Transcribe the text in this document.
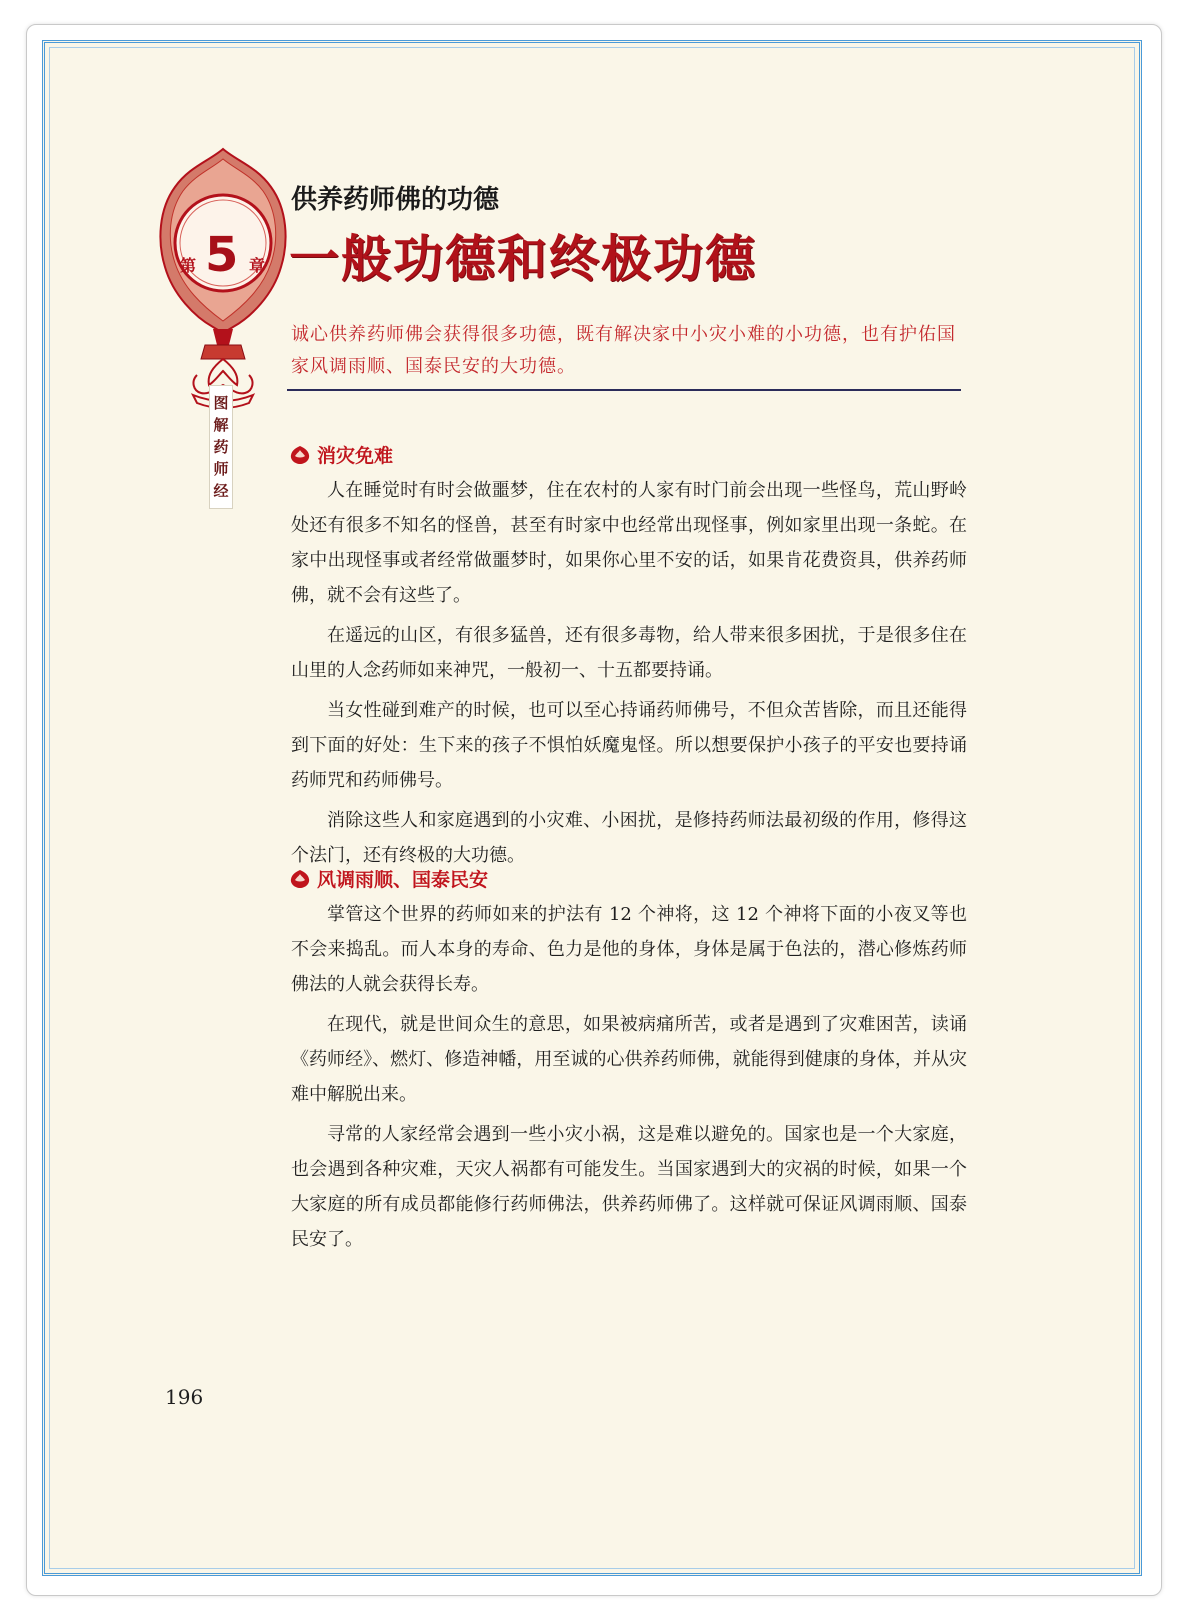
第 5 章
图解药师经
供养药师佛的功德
一般功德和终极功德

诚心供养药师佛会获得很多功德，既有解决家中小灾小难的小功德，也有护佑国家风调雨顺、国泰民安的大功德。

消灾免难

人在睡觉时有时会做噩梦，住在农村的人家有时门前会出现一些怪鸟，荒山野岭处还有很多不知名的怪兽，甚至有时家中也经常出现怪事，例如家里出现一条蛇。在家中出现怪事或者经常做噩梦时，如果你心里不安的话，如果肯花费资具，供养药师佛，就不会有这些了。

在遥远的山区，有很多猛兽，还有很多毒物，给人带来很多困扰，于是很多住在山里的人念药师如来神咒，一般初一、十五都要持诵。

当女性碰到难产的时候，也可以至心持诵药师佛号，不但众苦皆除，而且还能得到下面的好处：生下来的孩子不惧怕妖魔鬼怪。所以想要保护小孩子的平安也要持诵药师咒和药师佛号。

消除这些人和家庭遇到的小灾难、小困扰，是修持药师法最初级的作用，修得这个法门，还有终极的大功德。

风调雨顺、国泰民安

掌管这个世界的药师如来的护法有 12 个神将，这 12 个神将下面的小夜叉等也不会来捣乱。而人本身的寿命、色力是他的身体，身体是属于色法的，潜心修炼药师佛法的人就会获得长寿。

在现代，就是世间众生的意思，如果被病痛所苦，或者是遇到了灾难困苦，读诵《药师经》、燃灯、修造神幡，用至诚的心供养药师佛，就能得到健康的身体，并从灾难中解脱出来。

寻常的人家经常会遇到一些小灾小祸，这是难以避免的。国家也是一个大家庭，也会遇到各种灾难，天灾人祸都有可能发生。当国家遇到大的灾祸的时候，如果一个大家庭的所有成员都能修行药师佛法，供养药师佛了。这样就可保证风调雨顺、国泰民安了。

196
